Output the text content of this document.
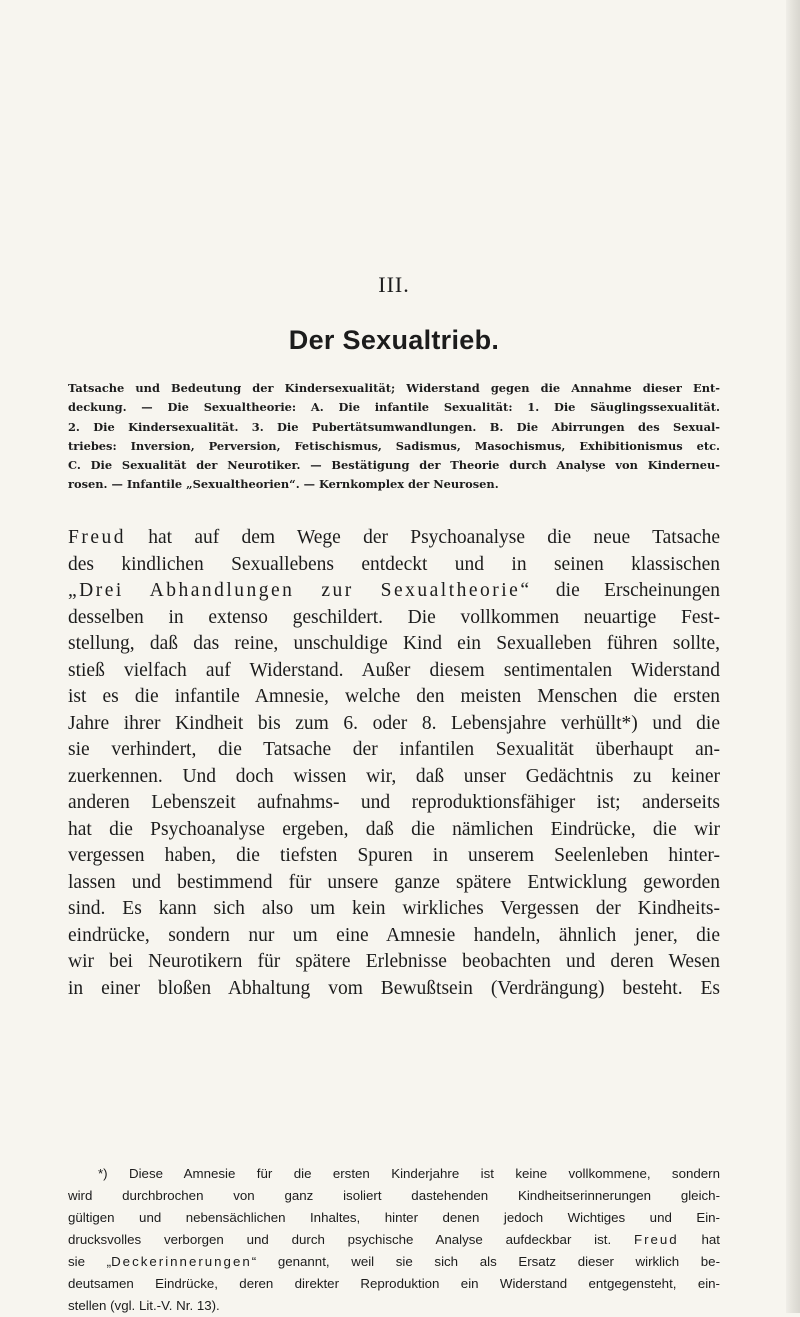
III.
Der Sexualtrieb.
Tatsache und Bedeutung der Kindersexualität; Widerstand gegen die Annahme dieser Ent-
deckung. — Die Sexualtheorie: A. Die infantile Sexualität: 1. Die Säuglingssexualität.
2. Die Kindersexualität. 3. Die Pubertätsumwandlungen. B. Die Abirrungen des Sexual-
triebes: Inversion, Perversion, Fetischismus, Sadismus, Masochismus, Exhibitionismus etc.
C. Die Sexualität der Neurotiker. — Bestätigung der Theorie durch Analyse von Kinderneu-
rosen. — Infantile „Sexualtheorien“. — Kernkomplex der Neurosen.
Freud hat auf dem Wege der Psychoanalyse die neue Tatsache
des kindlichen Sexuallebens entdeckt und in seinen klassischen
„Drei Abhandlungen zur Sexualtheorie“ die Erscheinungen
desselben in extenso geschildert. Die vollkommen neuartige Fest-
stellung, daß das reine, unschuldige Kind ein Sexualleben führen sollte,
stieß vielfach auf Widerstand. Außer diesem sentimentalen Widerstand
ist es die infantile Amnesie, welche den meisten Menschen die ersten
Jahre ihrer Kindheit bis zum 6. oder 8. Lebensjahre verhüllt*) und die
sie verhindert, die Tatsache der infantilen Sexualität überhaupt an-
zuerkennen. Und doch wissen wir, daß unser Gedächtnis zu keiner
anderen Lebenszeit aufnahms- und reproduktionsfähiger ist; anderseits
hat die Psychoanalyse ergeben, daß die nämlichen Eindrücke, die wir
vergessen haben, die tiefsten Spuren in unserem Seelenleben hinter-
lassen und bestimmend für unsere ganze spätere Entwicklung geworden
sind. Es kann sich also um kein wirkliches Vergessen der Kindheits-
eindrücke, sondern nur um eine Amnesie handeln, ähnlich jener, die
wir bei Neurotikern für spätere Erlebnisse beobachten und deren Wesen
in einer bloßen Abhaltung vom Bewußtsein (Verdrängung) besteht. Es
*) Diese Amnesie für die ersten Kinderjahre ist keine vollkommene, sondern
wird durchbrochen von ganz isoliert dastehenden Kindheitserinnerungen gleich-
gültigen und nebensächlichen Inhaltes, hinter denen jedoch Wichtiges und Ein-
drucksvolles verborgen und durch psychische Analyse aufdeckbar ist. Freud hat
sie „Deckerinnerungen“ genannt, weil sie sich als Ersatz dieser wirklich be-
deutsamen Eindrücke, deren direkter Reproduktion ein Widerstand entgegensteht, ein-
stellen (vgl. Lit.-V. Nr. 13).
